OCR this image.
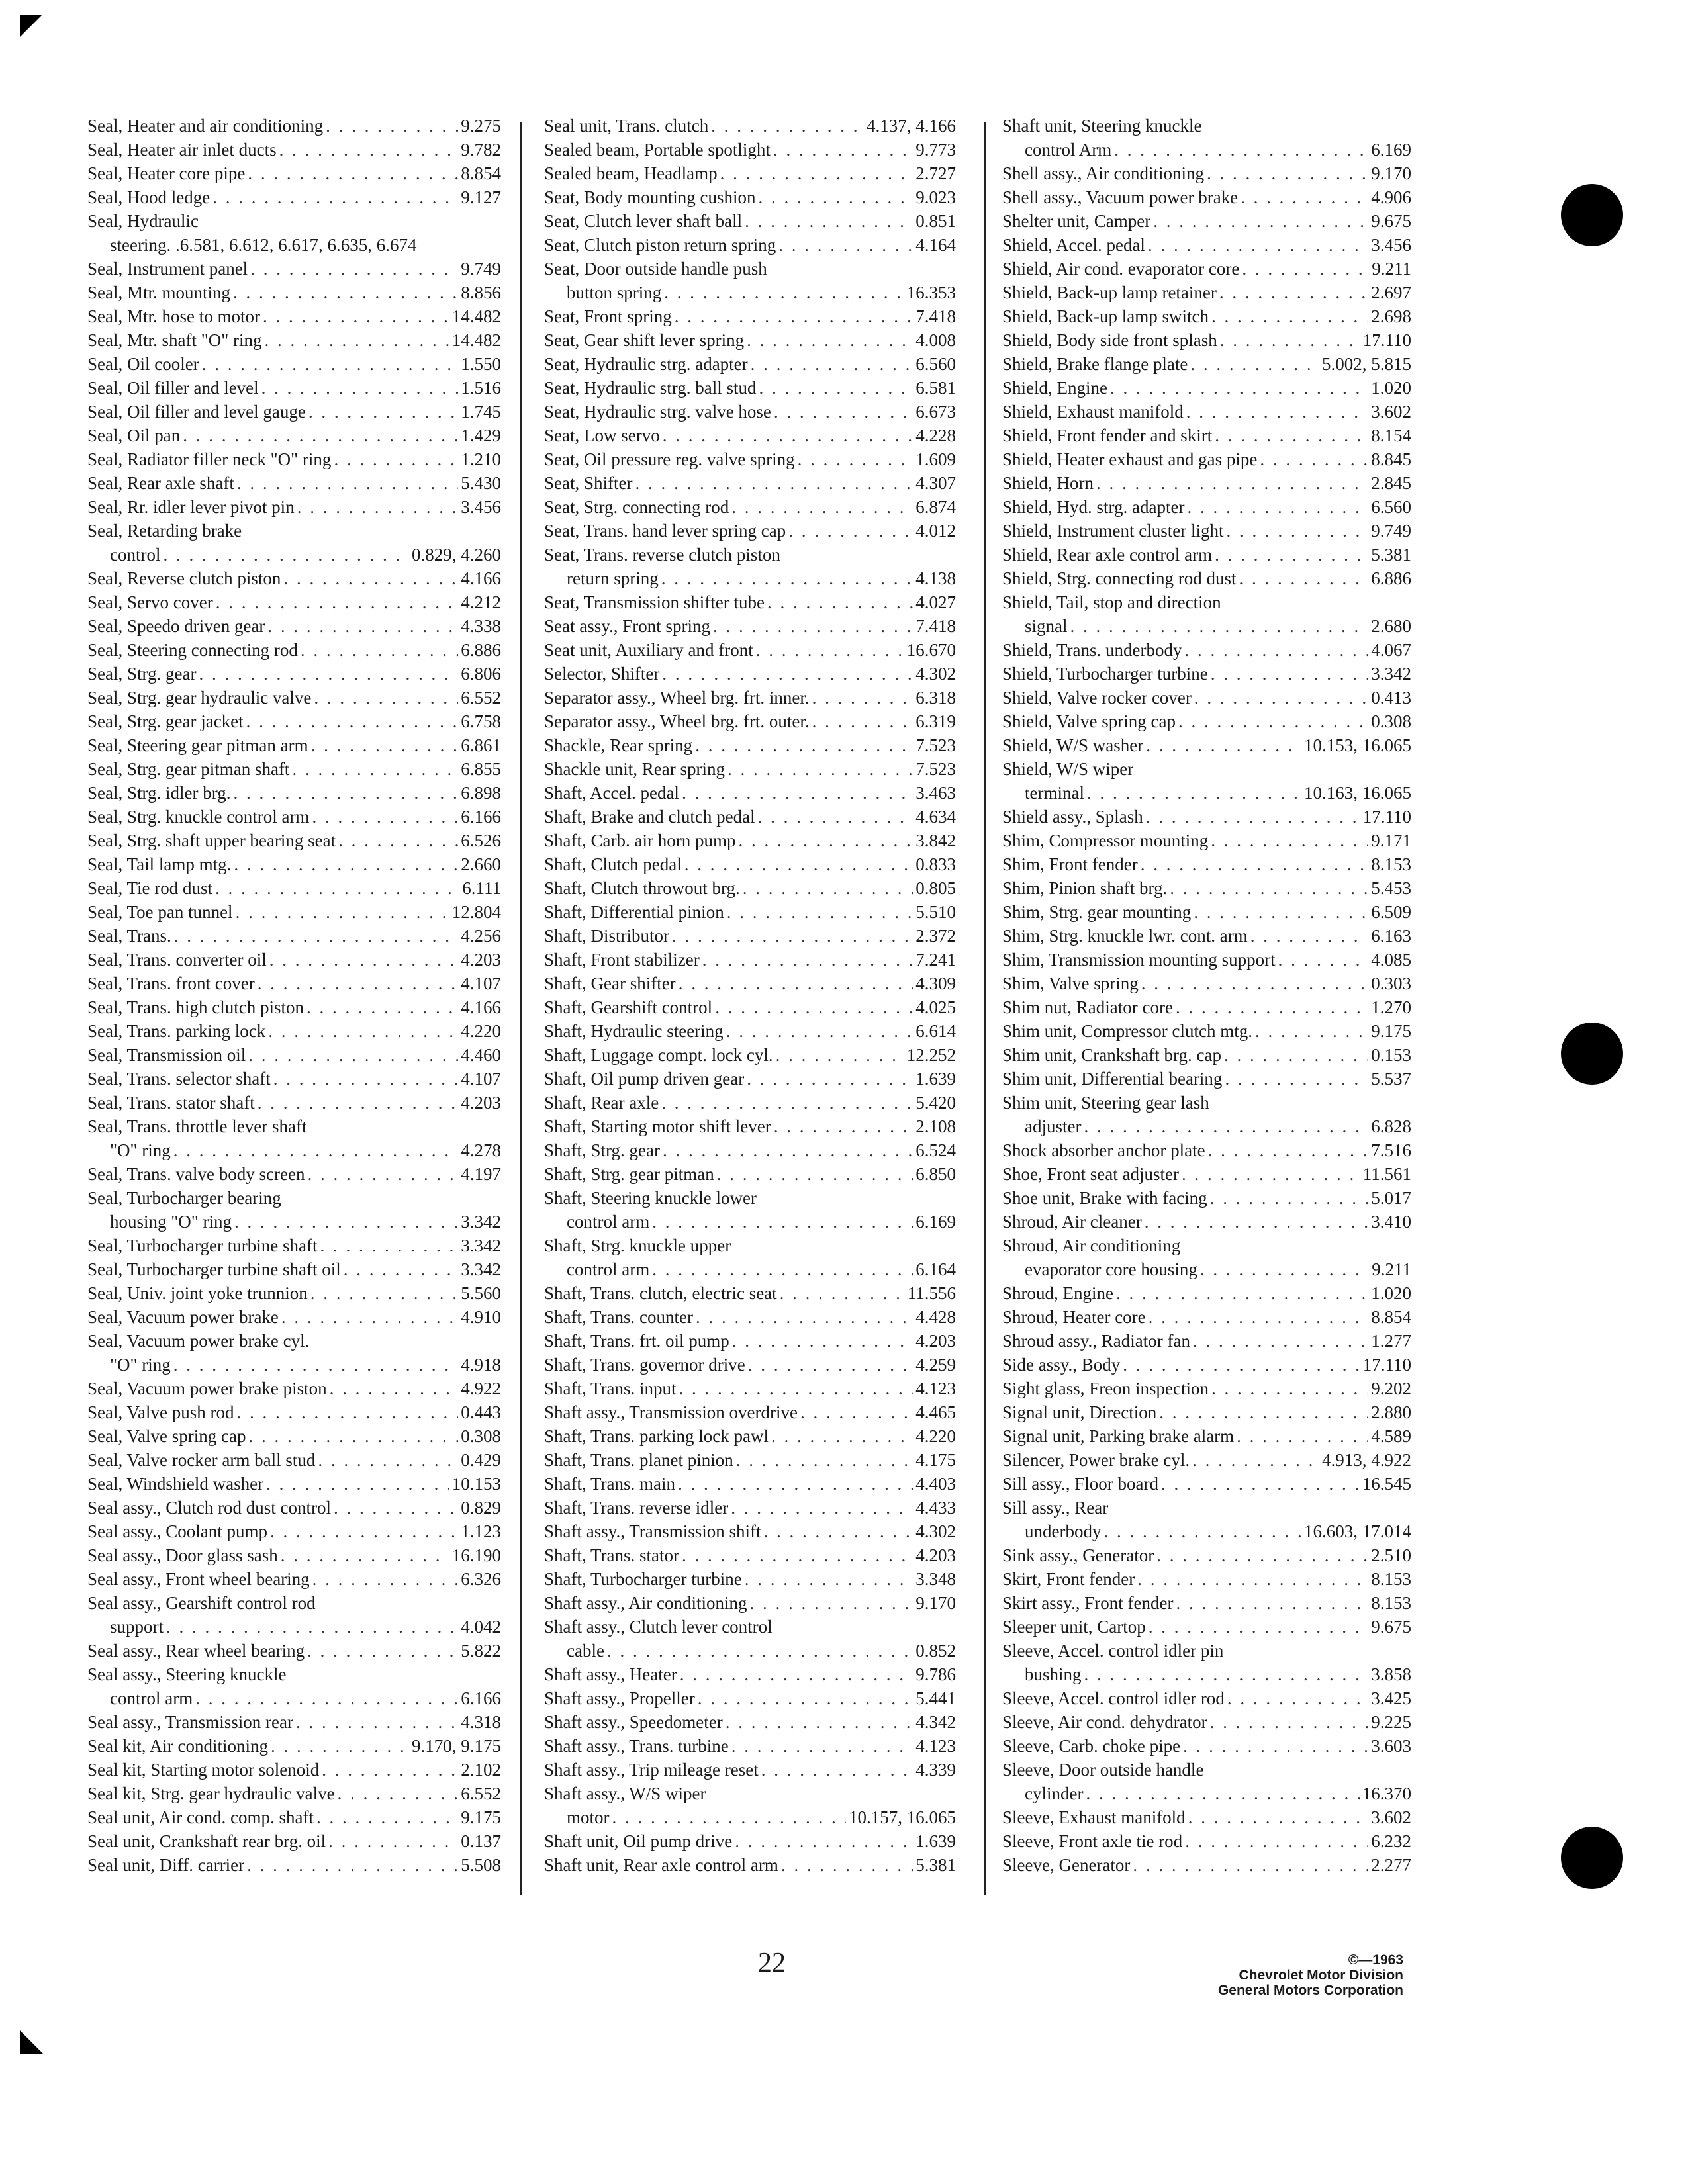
Seal, Heater and air conditioning . . .	9.275
Seal, Heater air inlet ducts . . .	9.782
Seal, Heater core pipe . . .	8.854
Seal, Hood ledge . . .	9.127
Seal, Hydraulic
steering. .6.581, 6.612, 6.617, 6.635, 6.674
Seal, Instrument panel . . .	9.749
Seal, Mtr. mounting . . .	8.856
Seal, Mtr. hose to motor . . .	14.482
Seal, Mtr. shaft "O" ring . . .	14.482
Seal, Oil cooler . . .	1.550
Seal, Oil filler and level . . .	1.516
Seal, Oil filler and level gauge . . .	1.745
Seal, Oil pan . . .	1.429
Seal, Radiator filler neck "O" ring . . .	1.210
Seal, Rear axle shaft . . .	5.430
Seal, Rr. idler lever pivot pin . . .	3.456
Seal, Retarding brake
control . . .	0.829, 4.260
Seal, Reverse clutch piston . . .	4.166
Seal, Servo cover . . .	4.212
Seal, Speedo driven gear . . .	4.338
Seal, Steering connecting rod . . .	6.886
Seal, Strg. gear . . .	6.806
Seal, Strg. gear hydraulic valve . . .	6.552
Seal, Strg. gear jacket . . .	6.758
Seal, Steering gear pitman arm . . .	6.861
Seal, Strg. gear pitman shaft . . .	6.855
Seal, Strg. idler brg. . . .	6.898
Seal, Strg. knuckle control arm . . .	6.166
Seal, Strg. shaft upper bearing seat . . .	6.526
Seal, Tail lamp mtg. . . .	2.660
Seal, Tie rod dust . . .	6.111
Seal, Toe pan tunnel . . .	12.804
Seal, Trans. . . .	4.256
Seal, Trans. converter oil . . .	4.203
Seal, Trans. front cover . . .	4.107
Seal, Trans. high clutch piston . . .	4.166
Seal, Trans. parking lock . . .	4.220
Seal, Transmission oil . . .	4.460
Seal, Trans. selector shaft . . .	4.107
Seal, Trans. stator shaft . . .	4.203
Seal, Trans. throttle lever shaft
"O" ring . . .	4.278
Seal, Trans. valve body screen . . .	4.197
Seal, Turbocharger bearing
housing "O" ring . . .	3.342
Seal, Turbocharger turbine shaft . . .	3.342
Seal, Turbocharger turbine shaft oil . . .	3.342
Seal, Univ. joint yoke trunnion . . .	5.560
Seal, Vacuum power brake . . .	4.910
Seal, Vacuum power brake cyl.
"O" ring . . .	4.918
Seal, Vacuum power brake piston . . .	4.922
Seal, Valve push rod . . .	0.443
Seal, Valve spring cap . . .	0.308
Seal, Valve rocker arm ball stud . . .	0.429
Seal, Windshield washer . . .	10.153
Seal assy., Clutch rod dust control . . .	0.829
Seal assy., Coolant pump . . .	1.123
Seal assy., Door glass sash . . .	16.190
Seal assy., Front wheel bearing . . .	6.326
Seal assy., Gearshift control rod
support . . .	4.042
Seal assy., Rear wheel bearing . . .	5.822
Seal assy., Steering knuckle
control arm . . .	6.166
Seal assy., Transmission rear . . .	4.318
Seal kit, Air conditioning . . .	9.170, 9.175
Seal kit, Starting motor solenoid . . .	2.102
Seal kit, Strg. gear hydraulic valve . . .	6.552
Seal unit, Air cond. comp. shaft . . .	9.175
Seal unit, Crankshaft rear brg. oil . . .	0.137
Seal unit, Diff. carrier . . .	5.508
Seal unit, Trans. clutch . . .	4.137, 4.166
Sealed beam, Portable spotlight . . .	9.773
Sealed beam, Headlamp . . .	2.727
Seat, Body mounting cushion . . .	9.023
Seat, Clutch lever shaft ball . . .	0.851
Seat, Clutch piston return spring . . .	4.164
Seat, Door outside handle push
button spring . . .	16.353
Seat, Front spring . . .	7.418
Seat, Gear shift lever spring . . .	4.008
Seat, Hydraulic strg. adapter . . .	6.560
Seat, Hydraulic strg. ball stud . . .	6.581
Seat, Hydraulic strg. valve hose . . .	6.673
Seat, Low servo . . .	4.228
Seat, Oil pressure reg. valve spring . . .	1.609
Seat, Shifter . . .	4.307
Seat, Strg. connecting rod . . .	6.874
Seat, Trans. hand lever spring cap . . .	4.012
Seat, Trans. reverse clutch piston
return spring . . .	4.138
Seat, Transmission shifter tube . . .	4.027
Seat assy., Front spring . . .	7.418
Seat unit, Auxiliary and front . . .	16.670
Selector, Shifter . . .	4.302
Separator assy., Wheel brg. frt. inner. . . .	6.318
Separator assy., Wheel brg. frt. outer. . . .	6.319
Shackle, Rear spring . . .	7.523
Shackle unit, Rear spring . . .	7.523
Shaft, Accel. pedal . . .	3.463
Shaft, Brake and clutch pedal . . .	4.634
Shaft, Carb. air horn pump . . .	3.842
Shaft, Clutch pedal . . .	0.833
Shaft, Clutch throwout brg. . . .	0.805
Shaft, Differential pinion . . .	5.510
Shaft, Distributor . . .	2.372
Shaft, Front stabilizer . . .	7.241
Shaft, Gear shifter . . .	4.309
Shaft, Gearshift control . . .	4.025
Shaft, Hydraulic steering . . .	6.614
Shaft, Luggage compt. lock cyl. . . .	12.252
Shaft, Oil pump driven gear . . .	1.639
Shaft, Rear axle . . .	5.420
Shaft, Starting motor shift lever . . .	2.108
Shaft, Strg. gear . . .	6.524
Shaft, Strg. gear pitman . . .	6.850
Shaft, Steering knuckle lower
control arm . . .	6.169
Shaft, Strg. knuckle upper
control arm . . .	6.164
Shaft, Trans. clutch, electric seat . . .	11.556
Shaft, Trans. counter . . .	4.428
Shaft, Trans. frt. oil pump . . .	4.203
Shaft, Trans. governor drive . . .	4.259
Shaft, Trans. input . . .	4.123
Shaft assy., Transmission overdrive . . .	4.465
Shaft, Trans. parking lock pawl . . .	4.220
Shaft, Trans. planet pinion . . .	4.175
Shaft, Trans. main . . .	4.403
Shaft, Trans. reverse idler . . .	4.433
Shaft assy., Transmission shift . . .	4.302
Shaft, Trans. stator . . .	4.203
Shaft, Turbocharger turbine . . .	3.348
Shaft assy., Air conditioning . . .	9.170
Shaft assy., Clutch lever control
cable . . .	0.852
Shaft assy., Heater . . .	9.786
Shaft assy., Propeller . . .	5.441
Shaft assy., Speedometer . . .	4.342
Shaft assy., Trans. turbine . . .	4.123
Shaft assy., Trip mileage reset . . .	4.339
Shaft assy., W/S wiper
motor . . .	10.157, 16.065
Shaft unit, Oil pump drive . . .	1.639
Shaft unit, Rear axle control arm . . .	5.381
Shaft unit, Steering knuckle
control Arm . . .	6.169
Shell assy., Air conditioning . . .	9.170
Shell assy., Vacuum power brake . . .	4.906
Shelter unit, Camper . . .	9.675
Shield, Accel. pedal . . .	3.456
Shield, Air cond. evaporator core . . .	9.211
Shield, Back-up lamp retainer . . .	2.697
Shield, Back-up lamp switch . . .	2.698
Shield, Body side front splash . . .	17.110
Shield, Brake flange plate . . .	5.002, 5.815
Shield, Engine . . .	1.020
Shield, Exhaust manifold . . .	3.602
Shield, Front fender and skirt . . .	8.154
Shield, Heater exhaust and gas pipe . . .	8.845
Shield, Horn . . .	2.845
Shield, Hyd. strg. adapter . . .	6.560
Shield, Instrument cluster light . . .	9.749
Shield, Rear axle control arm . . .	5.381
Shield, Strg. connecting rod dust . . .	6.886
Shield, Tail, stop and direction
signal . . .	2.680
Shield, Trans. underbody . . .	4.067
Shield, Turbocharger turbine . . .	3.342
Shield, Valve rocker cover . . .	0.413
Shield, Valve spring cap . . .	0.308
Shield, W/S washer . . .	10.153, 16.065
Shield, W/S wiper
terminal . . .	10.163, 16.065
Shield assy., Splash . . .	17.110
Shim, Compressor mounting . . .	9.171
Shim, Front fender . . .	8.153
Shim, Pinion shaft brg. . . .	5.453
Shim, Strg. gear mounting . . .	6.509
Shim, Strg. knuckle lwr. cont. arm . . .	6.163
Shim, Transmission mounting support . . .	4.085
Shim, Valve spring . . .	0.303
Shim nut, Radiator core . . .	1.270
Shim unit, Compressor clutch mtg. . . .	9.175
Shim unit, Crankshaft brg. cap . . .	0.153
Shim unit, Differential bearing . . .	5.537
Shim unit, Steering gear lash
adjuster . . .	6.828
Shock absorber anchor plate . . .	7.516
Shoe, Front seat adjuster . . .	11.561
Shoe unit, Brake with facing . . .	5.017
Shroud, Air cleaner . . .	3.410
Shroud, Air conditioning
evaporator core housing . . .	9.211
Shroud, Engine . . .	1.020
Shroud, Heater core . . .	8.854
Shroud assy., Radiator fan . . .	1.277
Side assy., Body . . .	17.110
Sight glass, Freon inspection . . .	9.202
Signal unit, Direction . . .	2.880
Signal unit, Parking brake alarm . . .	4.589
Silencer, Power brake cyl. . . .	4.913, 4.922
Sill assy., Floor board . . .	16.545
Sill assy., Rear
underbody . . .	16.603, 17.014
Sink assy., Generator . . .	2.510
Skirt, Front fender . . .	8.153
Skirt assy., Front fender . . .	8.153
Sleeper unit, Cartop . . .	9.675
Sleeve, Accel. control idler pin
bushing . . .	3.858
Sleeve, Accel. control idler rod . . .	3.425
Sleeve, Air cond. dehydrator . . .	9.225
Sleeve, Carb. choke pipe . . .	3.603
Sleeve, Door outside handle
cylinder . . .	16.370
Sleeve, Exhaust manifold . . .	3.602
Sleeve, Front axle tie rod . . .	6.232
Sleeve, Generator . . .	2.277
22	©—1963
Chevrolet Motor Division
General Motors Corporation
